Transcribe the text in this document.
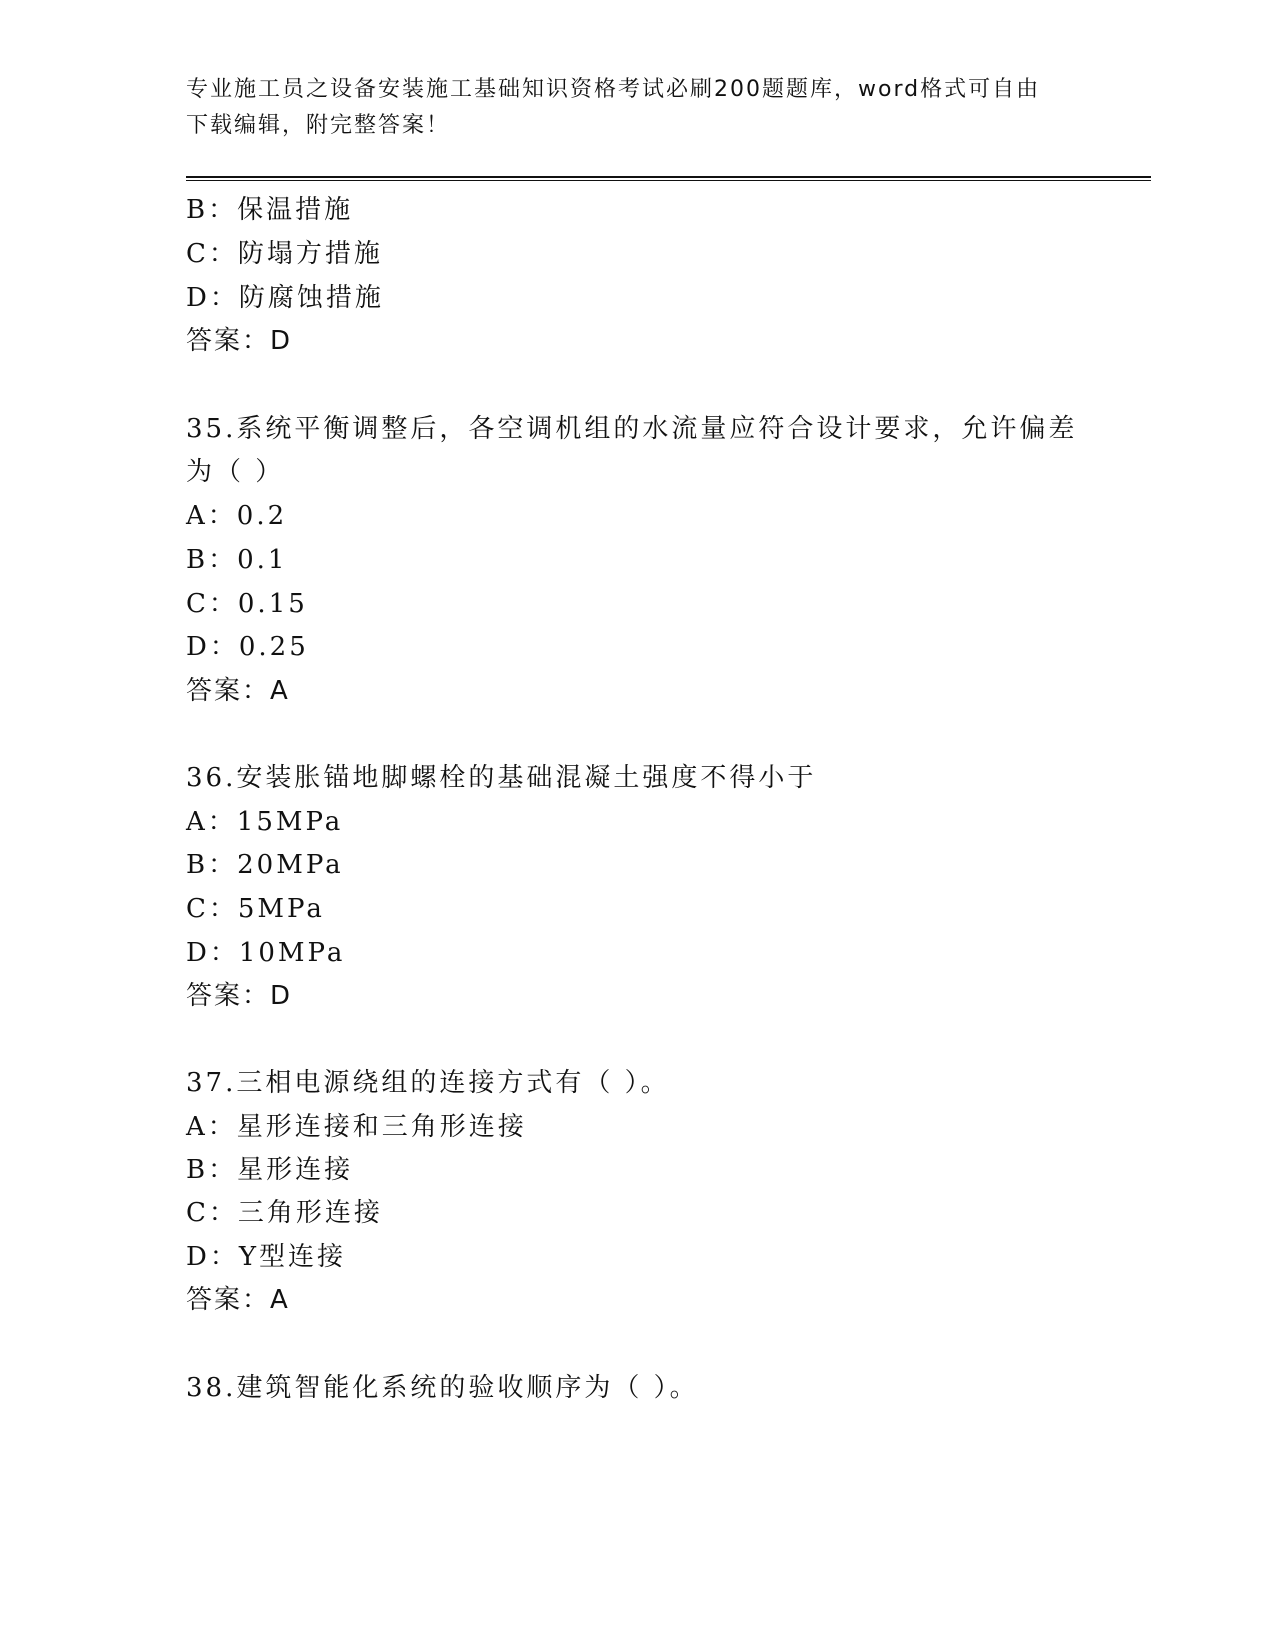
专业施工员之设备安装施工基础知识资格考试必刷200题题库，word格式可自由
下载编辑，附完整答案！
B：保温措施
C：防塌方措施
D：防腐蚀措施
答案：D
35.系统平衡调整后，各空调机组的水流量应符合设计要求，允许偏差
为（ ）
A：0.2
B：0.1
C：0.15
D：0.25
答案：A
36.安装胀锚地脚螺栓的基础混凝土强度不得小于
A：15MPa
B：20MPa
C：5MPa
D：10MPa
答案：D
37.三相电源绕组的连接方式有（ ）。
A：星形连接和三角形连接
B：星形连接
C：三角形连接
D：Y型连接
答案：A
38.建筑智能化系统的验收顺序为（ ）。
